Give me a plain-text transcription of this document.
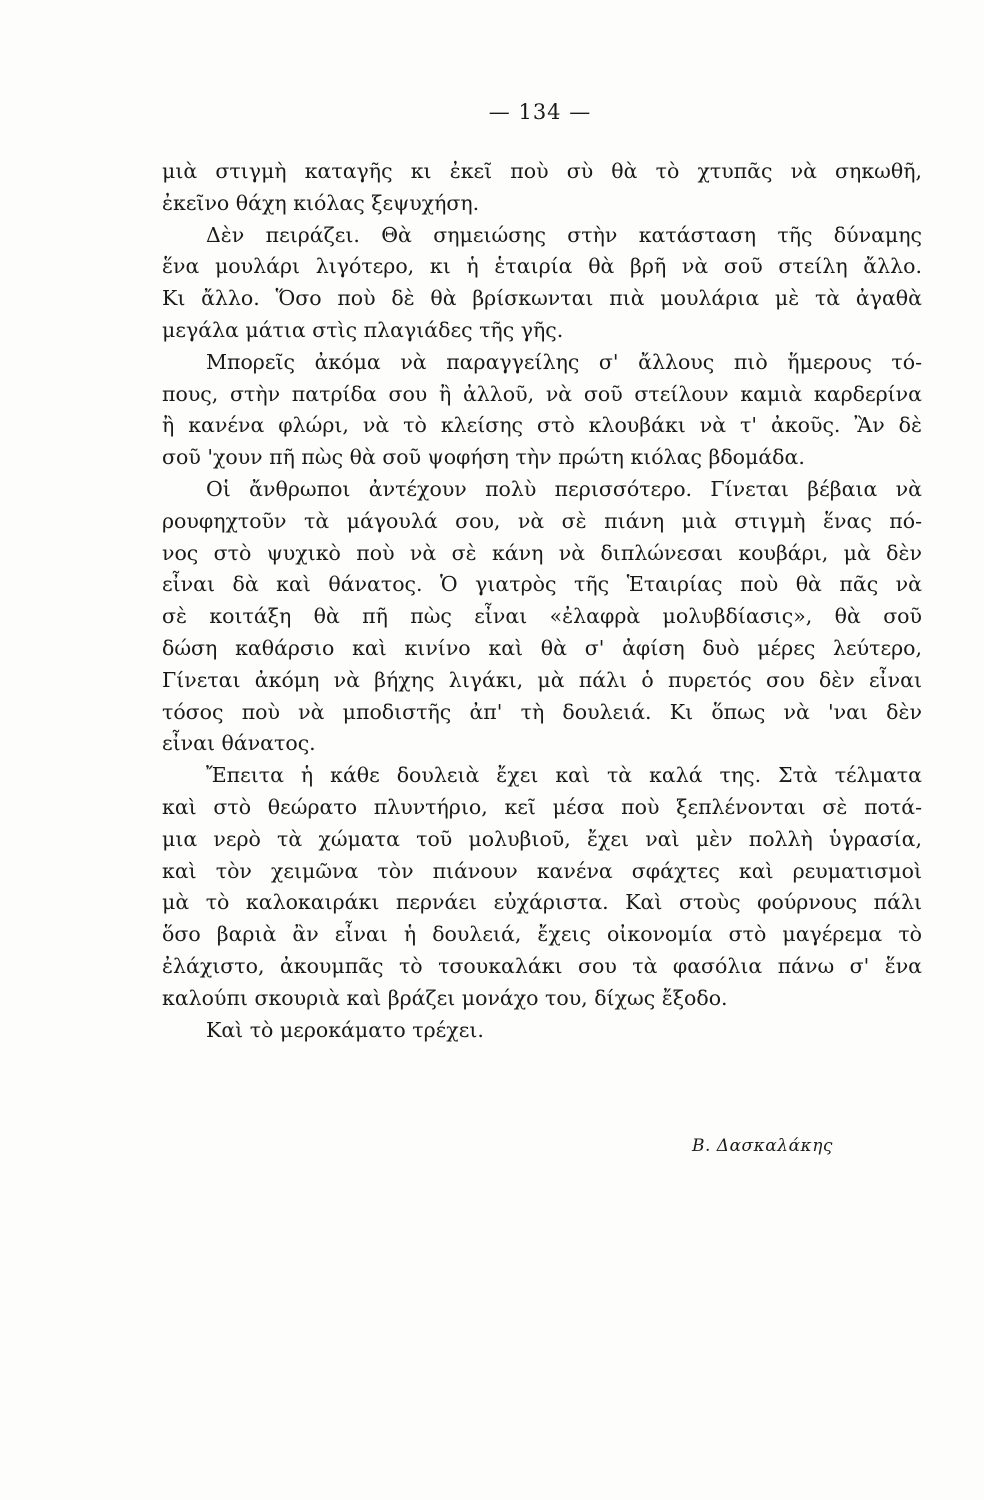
— 134 —
μιὰ στιγμὴ καταγῆς κι ἐκεῖ ποὺ σὺ θὰ τὸ χτυπᾶς νὰ σηκωθῆ,
ἐκεῖνο θάχη κιόλας ξεψυχήση.
Δὲν πειράζει. Θὰ σημειώσης στὴν κατάσταση τῆς δύναμης
ἕνα μουλάρι λιγότερο, κι ἡ ἑταιρία θὰ βρῆ νὰ σοῦ στείλη ἄλλο.
Κι ἄλλο. Ὅσο ποὺ δὲ θὰ βρίσκωνται πιὰ μουλάρια μὲ τὰ ἀγαθὰ
μεγάλα μάτια στὶς πλαγιάδες τῆς γῆς.
Μπορεῖς ἀκόμα νὰ παραγγείλης σ' ἄλλους πιὸ ἥμερους τό-
πους, στὴν πατρίδα σου ἢ ἀλλοῦ, νὰ σοῦ στείλουν καμιὰ καρδερίνα
ἢ κανένα φλώρι, νὰ τὸ κλείσης στὸ κλουβάκι νὰ τ' ἀκοῦς. Ἂν δὲ
σοῦ 'χουν πῆ πὼς θὰ σοῦ ψοφήση τὴν πρώτη κιόλας βδομάδα.
Οἱ ἄνθρωποι ἀντέχουν πολὺ περισσότερο. Γίνεται βέβαια νὰ
ρουφηχτοῦν τὰ μάγουλά σου, νὰ σὲ πιάνη μιὰ στιγμὴ ἕνας πό-
νος στὸ ψυχικὸ ποὺ νὰ σὲ κάνη νὰ διπλώνεσαι κουβάρι, μὰ δὲν
εἶναι δὰ καὶ θάνατος. Ὁ γιατρὸς τῆς Ἑταιρίας ποὺ θὰ πᾶς νὰ
σὲ κοιτάξη θὰ πῆ πὼς εἶναι «ἐλαφρὰ μολυβδίασις», θὰ σοῦ
δώση καθάρσιο καὶ κινίνο καὶ θὰ σ' ἀφίση δυὸ μέρες λεύτερο,
Γίνεται ἀκόμη νὰ βήχης λιγάκι, μὰ πάλι ὁ πυρετός σου δὲν εἶναι
τόσος ποὺ νὰ μποδιστῆς ἀπ' τὴ δουλειά. Κι ὅπως νὰ 'ναι δὲν
εἶναι θάνατος.
Ἔπειτα ἡ κάθε δουλειὰ ἔχει καὶ τὰ καλά της. Στὰ τέλματα
καὶ στὸ θεώρατο πλυντήριο, κεῖ μέσα ποὺ ξεπλένονται σὲ ποτά-
μια νερὸ τὰ χώματα τοῦ μολυβιοῦ, ἔχει ναὶ μὲν πολλὴ ὑγρασία,
καὶ τὸν χειμῶνα τὸν πιάνουν κανένα σφάχτες καὶ ρευματισμοὶ
μὰ τὸ καλοκαιράκι περνάει εὐχάριστα. Καὶ στοὺς φούρνους πάλι
ὅσο βαριὰ ἂν εἶναι ἡ δουλειά, ἔχεις οἰκονομία στὸ μαγέρεμα τὸ
ἐλάχιστο, ἀκουμπᾶς τὸ τσουκαλάκι σου τὰ φασόλια πάνω σ' ἕνα
καλούπι σκουριὰ καὶ βράζει μονάχο του, δίχως ἔξοδο.
Καὶ τὸ μεροκάματο τρέχει.
Β. Δασκαλάκης
